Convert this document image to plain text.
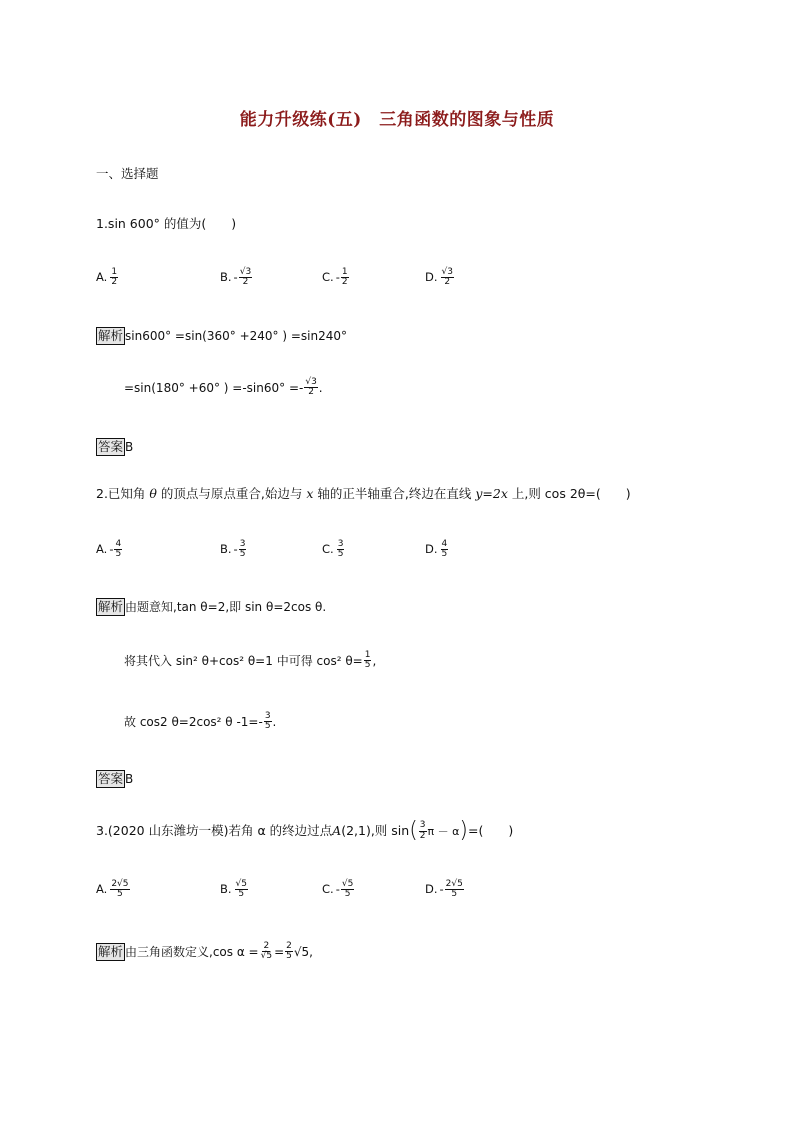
能力升级练(五)　三角函数的图象与性质
一、选择题
1.sin 600° 的值为(　　)
A. $\frac{1}{2}$	B. - $\frac{√3}{2}$	C. - $\frac{1}{2}$	D. $\frac{√3}{2}$
解析 sin600° =sin(360° +240° ) =sin240°
=sin(180° +60° ) $=-\sin 60^\circ =- \frac{√3}{2}$ .
答案 B
2.已知角 θ 的顶点与原点重合,始边与 x 轴的正半轴重合,终边在直线 y=2x 上,则 cos 2θ=(　　)
A. - $\frac{4}{5}$	B. - $\frac{3}{5}$	C. $\frac{3}{5}$	D. $\frac{4}{5}$
解析 由题意知,tan θ=2,即 sin θ=2cos θ.
将其代入 sin² θ+cos² θ=1 中可得 cos² $\theta= \frac{1}{5}$ ,
故 cos2 θ=2cos² θ $-1=- \frac{3}{5}$ .
答案 B
3.(2020 山东潍坊一模)若角 α 的终边过点 A (2,1),则 sin ( $\frac{3}{2}$ π － α ) =(　　)
A. $\frac{2√5}{5}$	B. $\frac{√5}{5}$	C. - $\frac{√5}{5}$	D. - $\frac{2√5}{5}$
解析 由三角函数定义,cos $\alpha = \frac{2}{√5} = \frac{2}{5} √5$,
